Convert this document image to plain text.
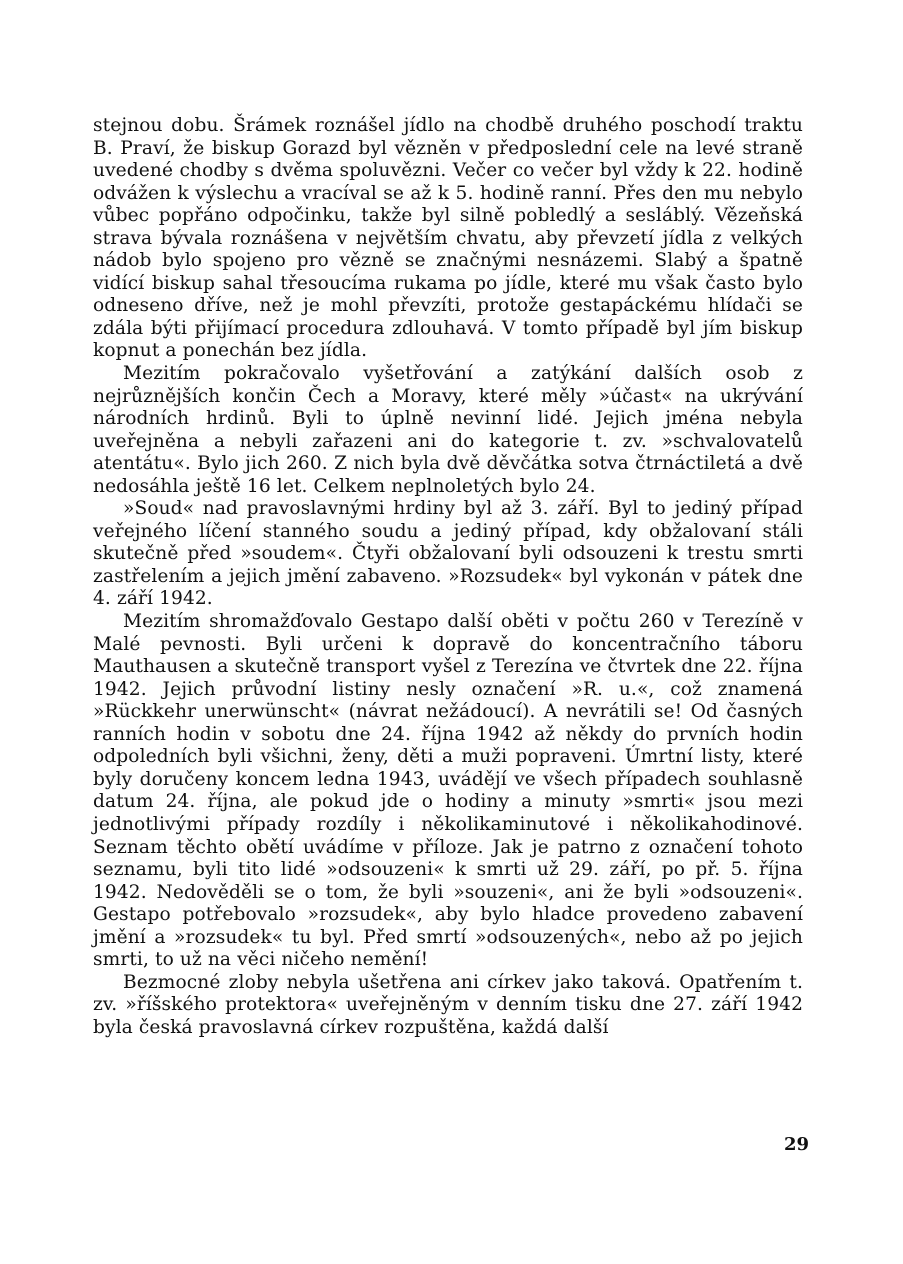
stejnou dobu. Šrámek roznášel jídlo na chodbě druhého poschodí traktu B. Praví, že biskup Gorazd byl vězněn v předposlední cele na levé straně uvedené chodby s dvěma spoluvězni. Večer co večer byl vždy k 22. hodině odvážen k výslechu a vracíval se až k 5. hodině ranní. Přes den mu nebylo vůbec popřáno odpočinku, takže byl silně pobledlý a sesláblý. Vězeňská strava bývala roznášena v největším chvatu, aby převzetí jídla z velkých nádob bylo spojeno pro vězně se značnými nesnázemi. Slabý a špatně vidící biskup sahal třesoucíma rukama po jídle, které mu však často bylo odneseno dříve, než je mohl převzíti, protože gestapáckému hlídači se zdála býti přijímací procedura zdlouhavá. V tomto případě byl jím biskup kopnut a ponechán bez jídla.

Mezitím pokračovalo vyšetřování a zatýkání dalších osob z nejrůznějších končin Čech a Moravy, které měly »účast« na ukrývání národních hrdinů. Byli to úplně nevinní lidé. Jejich jména nebyla uveřejněna a nebyli zařazeni ani do kategorie t. zv. »schvalovatelů atentátu«. Bylo jich 260. Z nich byla dvě děvčátka sotva čtrnáctiletá a dvě nedosáhla ještě 16 let. Celkem neplnoletých bylo 24.

»Soud« nad pravoslavnými hrdiny byl až 3. září. Byl to jediný případ veřejného líčení stanného soudu a jediný případ, kdy obžalovaní stáli skutečně před »soudem«. Čtyři obžalovaní byli odsouzeni k trestu smrti zastřelením a jejich jmění zabaveno. »Rozsudek« byl vykonán v pátek dne 4. září 1942.

Mezitím shromažďovalo Gestapo další oběti v počtu 260 v Terezíně v Malé pevnosti. Byli určeni k dopravě do koncentračního táboru Mauthausen a skutečně transport vyšel z Terezína ve čtvrtek dne 22. října 1942. Jejich průvodní listiny nesly označení »R. u.«, což znamená »Rückkehr unerwünscht« (návrat nežádoucí). A nevrátili se! Od časných ranních hodin v sobotu dne 24. října 1942 až někdy do prvních hodin odpoledních byli všichni, ženy, děti a muži popraveni. Úmrtní listy, které byly doručeny koncem ledna 1943, uvádějí ve všech případech souhlasně datum 24. října, ale pokud jde o hodiny a minuty »smrti« jsou mezi jednotlivými případy rozdíly i několikaminutové i několikahodinové. Seznam těchto obětí uvádíme v příloze. Jak je patrno z označení tohoto seznamu, byli tito lidé »odsouzeni« k smrti už 29. září, po př. 5. října 1942. Nedověděli se o tom, že byli »souzeni«, ani že byli »odsouzeni«. Gestapo potřebovalo »rozsudek«, aby bylo hladce provedeno zabavení jmění a »rozsudek« tu byl. Před smrtí »odsouzených«, nebo až po jejich smrti, to už na věci ničeho nemění!

Bezmocné zloby nebyla ušetřena ani církev jako taková. Opatřením t. zv. »říšského protektora« uveřejněným v denním tisku dne 27. září 1942 byla česká pravoslavná církev rozpuštěna, každá další

29
